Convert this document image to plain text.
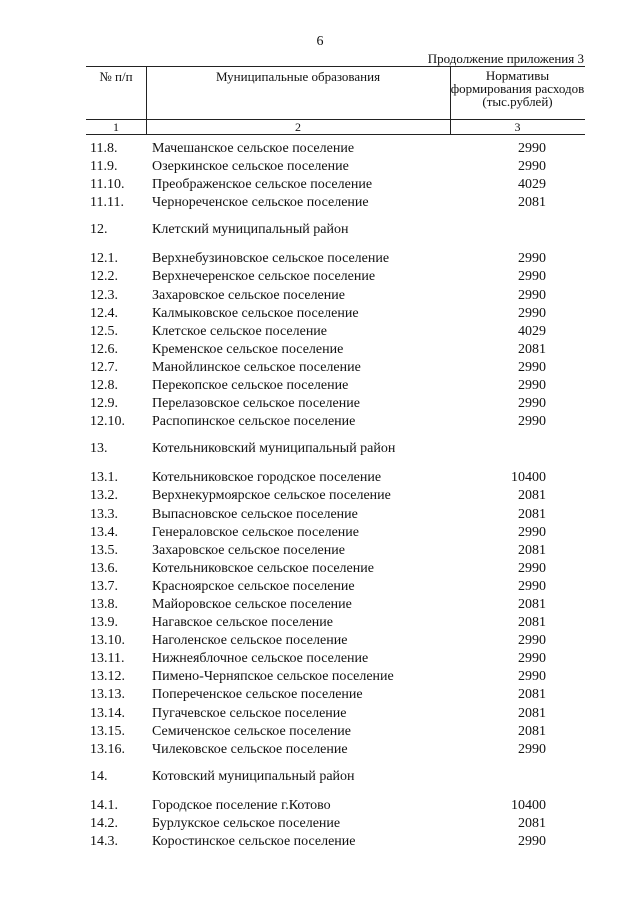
6
Продолжение приложения 3
№ п/п	Муниципальные образования	Нормативы формирования расходов (тыс.рублей)
1	2	3
11.8. Мачешанское сельское поселение	2990
11.9. Озеркинское сельское поселение	2990
11.10. Преображенское сельское поселение	4029
11.11. Чернореченское сельское поселение	2081
12.	Клетский муниципальный район
12.1. Верхнебузиновское сельское поселение	2990
12.2. Верхнечеренское сельское поселение	2990
12.3. Захаровское сельское поселение	2990
12.4. Калмыковское сельское поселение	2990
12.5. Клетское сельское поселение	4029
12.6. Кременское сельское поселение	2081
12.7. Манойлинское сельское поселение	2990
12.8. Перекопское сельское поселение	2990
12.9. Перелазовское сельское поселение	2990
12.10. Распопинское сельское поселение	2990
13.	Котельниковский муниципальный район
13.1. Котельниковское городское поселение	10400
13.2. Верхнекурмоярское сельское поселение	2081
13.3. Выпасновское сельское поселение	2081
13.4. Генераловское сельское поселение	2990
13.5. Захаровское сельское поселение	2081
13.6. Котельниковское сельское поселение	2990
13.7. Красноярское сельское поселение	2990
13.8. Майоровское сельское поселение	2081
13.9. Нагавское сельское поселение	2081
13.10. Наголенское сельское поселение	2990
13.11. Нижнеяблочное сельское поселение	2990
13.12. Пимено-Черняпское сельское поселение	2990
13.13. Попереченское сельское поселение	2081
13.14. Пугачевское сельское поселение	2081
13.15. Семиченское сельское поселение	2081
13.16. Чилековское сельское поселение	2990
14.	Котовский муниципальный район
14.1. Городское поселение г.Котово	10400
14.2. Бурлукское сельское поселение	2081
14.3. Коростинское сельское поселение	2990
